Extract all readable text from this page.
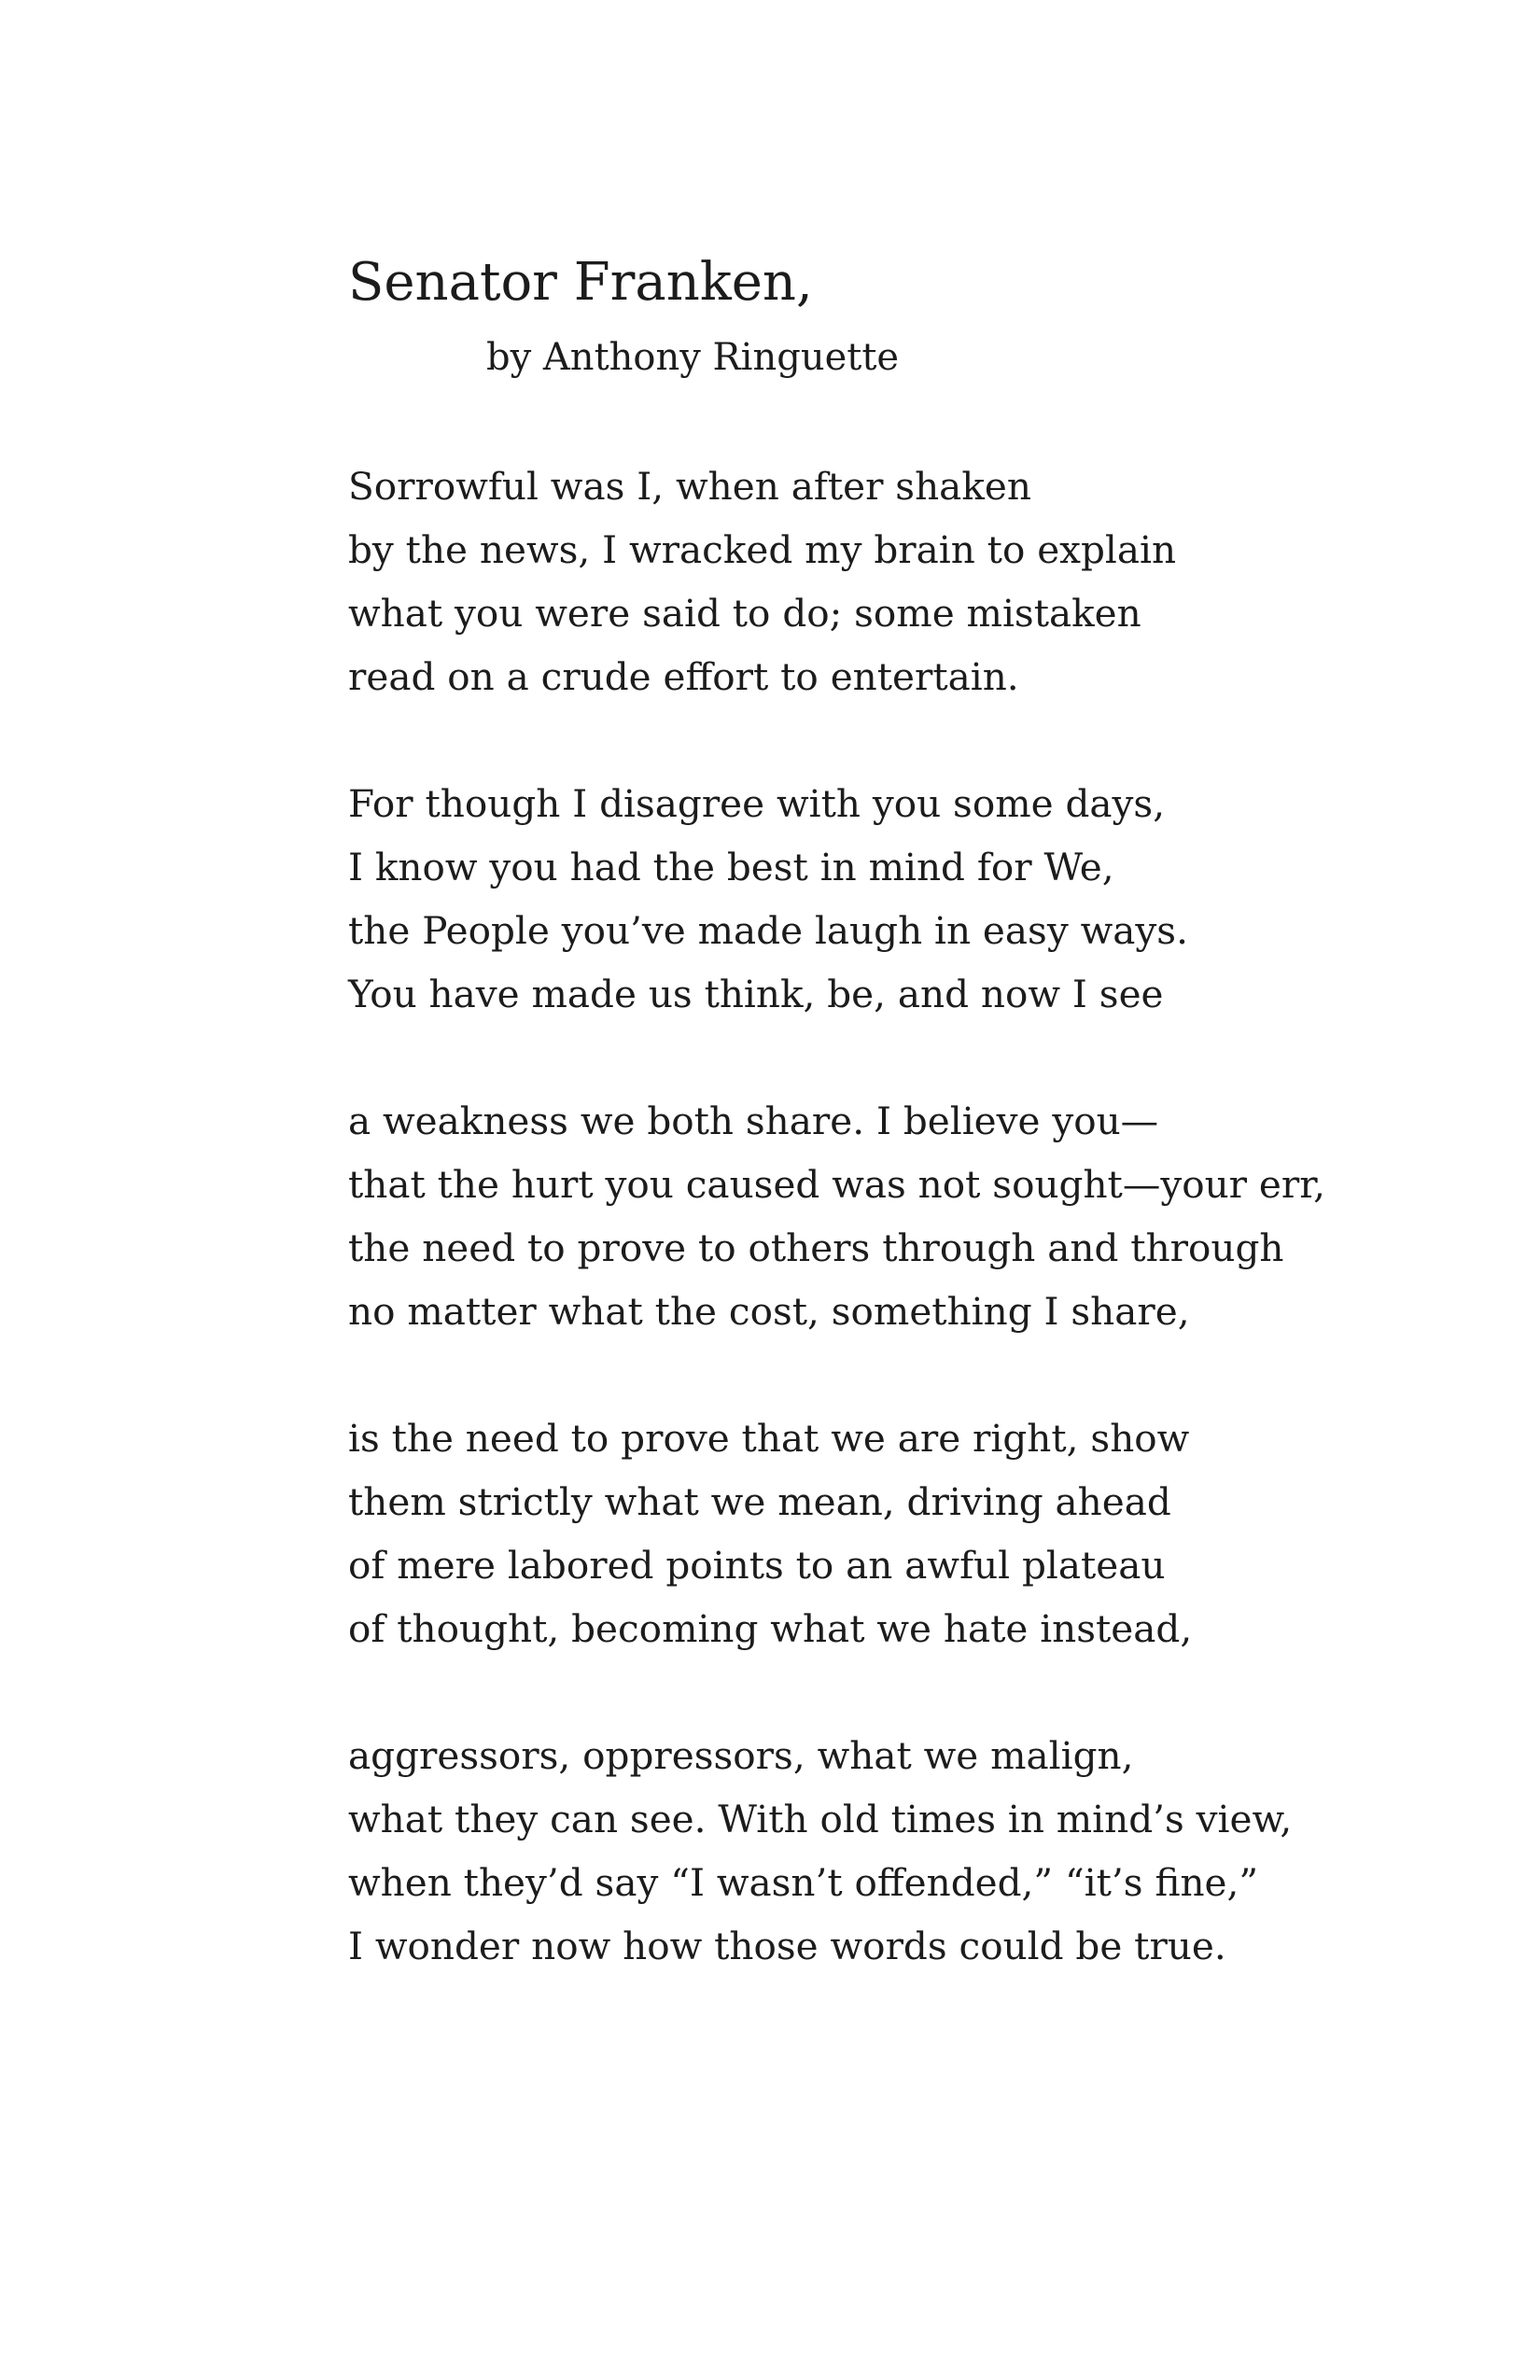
Senator Franken,

by Anthony Ringuette

Sorrowful was I, when after shaken
by the news, I wracked my brain to explain
what you were said to do; some mistaken
read on a crude effort to entertain.
For though I disagree with you some days,
I know you had the best in mind for We,
the People you’ve made laugh in easy ways.
You have made us think, be, and now I see
a weakness we both share. I believe you—
that the hurt you caused was not sought—your err,
the need to prove to others through and through
no matter what the cost, something I share,
is the need to prove that we are right, show
them strictly what we mean, driving ahead
of mere labored points to an awful plateau
of thought, becoming what we hate instead,
aggressors, oppressors, what we malign,
what they can see. With old times in mind’s view,
when they’d say “I wasn’t offended,” “it’s fine,”
I wonder now how those words could be true.
